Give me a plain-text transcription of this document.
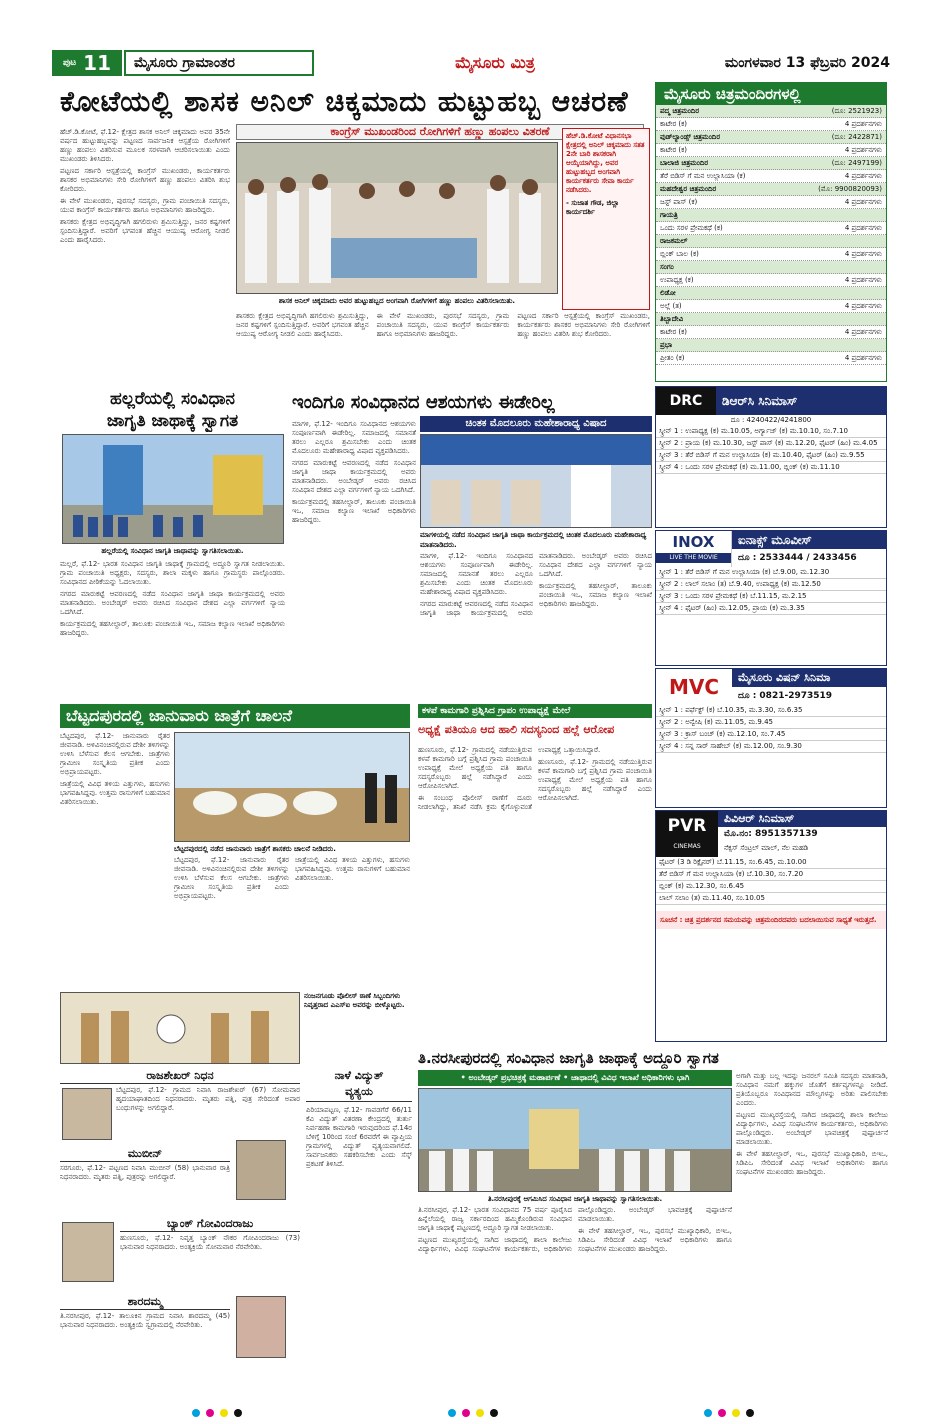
$^{ಪುಟ}$ 11	ಮೈಸೂರು ಗ್ರಾಮಾಂತರ	ಮೈಸೂರು ಮಿತ್ರ	ಮಂಗಳವಾರ 13 ಫೆಬ್ರವರಿ 2024
ಕೋಟೆಯಲ್ಲಿ ಶಾಸಕ ಅನಿಲ್ ಚಿಕ್ಕಮಾದು ಹುಟ್ಟುಹಬ್ಬ ಆಚರಣೆ
ಕಾಂಗ್ರೆಸ್ ಮುಖಂಡರಿಂದ ರೋಗಿಗಳಿಗೆ ಹಣ್ಣು ಹಂಪಲು ವಿತರಣೆ

ಹೆಚ್.ಡಿ.ಕೋಟೆ, ಫೆ.12- ಕ್ಷೇತ್ರದ ಶಾಸಕ ಅನಿಲ್ ಚಿಕ್ಕಮಾದು ಅವರ 35ನೇ ವರ್ಷದ ಹುಟ್ಟುಹಬ್ಬವನ್ನು ಪಟ್ಟಣದ ಸಾರ್ವಜನಿಕ ಆಸ್ಪತ್ರೆಯ ರೋಗಿಗಳಿಗೆ ಹಣ್ಣು ಹಂಪಲು ವಿತರಿಸುವ ಮೂಲಕ ಸರಳವಾಗಿ ಆಚರಿಸಲಾಯಿತು ಎಂದು ಮುಖಂಡರು ತಿಳಿಸಿದರು.

ಪಟ್ಟಣದ ಸರ್ಕಾರಿ ಆಸ್ಪತ್ರೆಯಲ್ಲಿ ಕಾಂಗ್ರೆಸ್ ಮುಖಂಡರು, ಕಾರ್ಯಕರ್ತರು ಶಾಸಕರ ಅಭಿಮಾನಿಗಳು ಸೇರಿ ರೋಗಿಗಳಿಗೆ ಹಣ್ಣು ಹಂಪಲು ವಿತರಿಸಿ ಶುಭ ಕೋರಿದರು.

ಈ ವೇಳೆ ಮುಖಂಡರು, ಪುರಸಭೆ ಸದಸ್ಯರು, ಗ್ರಾಮ ಪಂಚಾಯಿತಿ ಸದಸ್ಯರು, ಯುವ ಕಾಂಗ್ರೆಸ್ ಕಾರ್ಯಕರ್ತರು ಹಾಗೂ ಅಭಿಮಾನಿಗಳು ಹಾಜರಿದ್ದರು.

ಶಾಸಕರು ಕ್ಷೇತ್ರದ ಅಭಿವೃದ್ಧಿಗಾಗಿ ಹಗಲಿರುಳು ಶ್ರಮಿಸುತ್ತಿದ್ದು, ಜನರ ಕಷ್ಟಗಳಿಗೆ ಸ್ಪಂದಿಸುತ್ತಿದ್ದಾರೆ. ಅವರಿಗೆ ಭಗವಂತ ಹೆಚ್ಚಿನ ಆಯುಷ್ಯ ಆರೋಗ್ಯ ನೀಡಲಿ ಎಂದು ಹಾರೈಸಿದರು.

ಶಾಸಕ ಅನಿಲ್ ಚಿಕ್ಕಮಾದು ಅವರ ಹುಟ್ಟುಹಬ್ಬದ ಅಂಗವಾಗಿ ರೋಗಿಗಳಿಗೆ ಹಣ್ಣು ಹಂಪಲು ವಿತರಿಸಲಾಯಿತು.

ಹೆಚ್.ಡಿ.ಕೋಟೆ ವಿಧಾನಸಭಾ ಕ್ಷೇತ್ರದಲ್ಲಿ ಅನಿಲ್ ಚಿಕ್ಕಮಾದು ಸತತ 2ನೇ ಬಾರಿ ಶಾಸಕರಾಗಿ ಆಯ್ಕೆಯಾಗಿದ್ದು, ಅವರ ಹುಟ್ಟುಹಬ್ಬದ ಅಂಗವಾಗಿ ಕಾರ್ಯಕರ್ತರು ಸೇವಾ ಕಾರ್ಯ ನಡೆಸಿದರು.

- ಸುಜಾತ ಗೌಡ, ಜಿಲ್ಲಾ ಕಾರ್ಯದರ್ಶಿ

ಶಾಸಕರು ಕ್ಷೇತ್ರದ ಅಭಿವೃದ್ಧಿಗಾಗಿ ಹಗಲಿರುಳು ಶ್ರಮಿಸುತ್ತಿದ್ದು, ಜನರ ಕಷ್ಟಗಳಿಗೆ ಸ್ಪಂದಿಸುತ್ತಿದ್ದಾರೆ. ಅವರಿಗೆ ಭಗವಂತ ಹೆಚ್ಚಿನ ಆಯುಷ್ಯ ಆರೋಗ್ಯ ನೀಡಲಿ ಎಂದು ಹಾರೈಸಿದರು.

ಈ ವೇಳೆ ಮುಖಂಡರು, ಪುರಸಭೆ ಸದಸ್ಯರು, ಗ್ರಾಮ ಪಂಚಾಯಿತಿ ಸದಸ್ಯರು, ಯುವ ಕಾಂಗ್ರೆಸ್ ಕಾರ್ಯಕರ್ತರು ಹಾಗೂ ಅಭಿಮಾನಿಗಳು ಹಾಜರಿದ್ದರು.

ಪಟ್ಟಣದ ಸರ್ಕಾರಿ ಆಸ್ಪತ್ರೆಯಲ್ಲಿ ಕಾಂಗ್ರೆಸ್ ಮುಖಂಡರು, ಕಾರ್ಯಕರ್ತರು ಶಾಸಕರ ಅಭಿಮಾನಿಗಳು ಸೇರಿ ರೋಗಿಗಳಿಗೆ ಹಣ್ಣು ಹಂಪಲು ವಿತರಿಸಿ ಶುಭ ಕೋರಿದರು.

ಮೈಸೂರು ಚಿತ್ರಮಂದಿರಗಳಲ್ಲಿ
ಪದ್ಮ ಚಿತ್ರಮಂದಿರ	(ದೂ: 2521923)
ಕಾಟೇರ (ಕ)	4 ಪ್ರದರ್ಶನಗಳು
ವುಡ್‌ಲ್ಯಾಂಡ್ಸ್ ಚಿತ್ರಮಂದಿರ	(ದೂ: 2422871)
ಕಾಟೇರ (ಕ)	4 ಪ್ರದರ್ಶನಗಳು
ಬಾಲಾಜಿ ಚಿತ್ರಮಂದಿರ	(ದೂ: 2497199)
ತೆರೆ ಬಿಡಿಸ್ ಗೆ ಮನ ಉಲ್ಲಾಸಿಯಾ (ಕ)	4 ಪ್ರದರ್ಶನಗಳು
ಮಹದೇಶ್ವರ ಚಿತ್ರಮಂದಿರ	(ಮೊ: 9900820093)
ಜಸ್ಟ್ ಪಾಸ್ (ಕ)	4 ಪ್ರದರ್ಶನಗಳು
ಗಾಯತ್ರಿ
ಒಂದು ಸರಳ ಪ್ರೇಮಕಥೆ (ಕ)	4 ಪ್ರದರ್ಶನಗಳು
ರಾಜಕಮಲ್
ಬ್ಲಿಂಕ್ ಬಾಲ (ಕ)	4 ಪ್ರದರ್ಶನಗಳು
ಸಂಗಂ
ಉಪಾಧ್ಯಕ್ಷ (ಕ)	4 ಪ್ರದರ್ಶನಗಳು
ಲಿಡೋ
ಅಲ್ಲೆ (ತ)	4 ಪ್ರದರ್ಶನಗಳು
ತಿಬ್ಬಾದೇವಿ
ಕಾಟೇರ (ಕ)	4 ಪ್ರದರ್ಶನಗಳು
ಪ್ರಭಾ
ಪ್ರೀತಂ (ಕ)	4 ಪ್ರದರ್ಶನಗಳು
ಹಲ್ಲರೆಯಲ್ಲಿ ಸಂವಿಧಾನ
ಜಾಗೃತಿ ಜಾಥಾಕ್ಕೆ ಸ್ವಾಗತ
ಹಲ್ಲರೆಯಲ್ಲಿ ಸಂವಿಧಾನ ಜಾಗೃತಿ ಜಾಥಾವನ್ನು ಸ್ವಾಗತಿಸಲಾಯಿತು.

ಮಲ್ಲರೆ, ಫೆ.12- ಭಾರತ ಸಂವಿಧಾನ ಜಾಗೃತಿ ಜಾಥಾಕ್ಕೆ ಗ್ರಾಮದಲ್ಲಿ ಅದ್ಧೂರಿ ಸ್ವಾಗತ ನೀಡಲಾಯಿತು. ಗ್ರಾಮ ಪಂಚಾಯಿತಿ ಅಧ್ಯಕ್ಷರು, ಸದಸ್ಯರು, ಶಾಲಾ ಮಕ್ಕಳು ಹಾಗೂ ಗ್ರಾಮಸ್ಥರು ಪಾಲ್ಗೊಂಡರು. ಸಂವಿಧಾನದ ಪೀಠಿಕೆಯನ್ನು ಓದಲಾಯಿತು.

ನಗರದ ಮಾರುಕಟ್ಟೆ ಆವರಣದಲ್ಲಿ ನಡೆದ ಸಂವಿಧಾನ ಜಾಗೃತಿ ಜಾಥಾ ಕಾರ್ಯಕ್ರಮದಲ್ಲಿ ಅವರು ಮಾತನಾಡಿದರು. ಅಂಬೇಡ್ಕರ್ ಅವರು ರಚಿಸಿದ ಸಂವಿಧಾನ ದೇಶದ ಎಲ್ಲಾ ವರ್ಗಗಳಿಗೆ ನ್ಯಾಯ ಒದಗಿಸಿದೆ.

ಕಾರ್ಯಕ್ರಮದಲ್ಲಿ ತಹಸೀಲ್ದಾರ್, ತಾಲೂಕು ಪಂಚಾಯಿತಿ ಇಒ, ಸಮಾಜ ಕಲ್ಯಾಣ ಇಲಾಖೆ ಅಧಿಕಾರಿಗಳು ಹಾಜರಿದ್ದರು.

ಇಂದಿಗೂ ಸಂವಿಧಾನದ ಆಶಯಗಳು ಈಡೇರಿಲ್ಲ
ಚಿಂತಕ ಮೊದಲೂರು ಮಹೇಶಾರಾಧ್ಯ ವಿಷಾದ

ಮಾಗಳಿ, ಫೆ.12- ಇಂದಿಗೂ ಸಂವಿಧಾನದ ಆಶಯಗಳು ಸಂಪೂರ್ಣವಾಗಿ ಈಡೇರಿಲ್ಲ. ಸಮಾಜದಲ್ಲಿ ಸಮಾನತೆ ತರಲು ಎಲ್ಲರೂ ಶ್ರಮಿಸಬೇಕು ಎಂದು ಚಿಂತಕ ಮೊದಲೂರು ಮಹೇಶಾರಾಧ್ಯ ವಿಷಾದ ವ್ಯಕ್ತಪಡಿಸಿದರು.

ನಗರದ ಮಾರುಕಟ್ಟೆ ಆವರಣದಲ್ಲಿ ನಡೆದ ಸಂವಿಧಾನ ಜಾಗೃತಿ ಜಾಥಾ ಕಾರ್ಯಕ್ರಮದಲ್ಲಿ ಅವರು ಮಾತನಾಡಿದರು. ಅಂಬೇಡ್ಕರ್ ಅವರು ರಚಿಸಿದ ಸಂವಿಧಾನ ದೇಶದ ಎಲ್ಲಾ ವರ್ಗಗಳಿಗೆ ನ್ಯಾಯ ಒದಗಿಸಿದೆ.

ಕಾರ್ಯಕ್ರಮದಲ್ಲಿ ತಹಸೀಲ್ದಾರ್, ತಾಲೂಕು ಪಂಚಾಯಿತಿ ಇಒ, ಸಮಾಜ ಕಲ್ಯಾಣ ಇಲಾಖೆ ಅಧಿಕಾರಿಗಳು ಹಾಜರಿದ್ದರು.

ಮಾಗಳಿಯಲ್ಲಿ ನಡೆದ ಸಂವಿಧಾನ ಜಾಗೃತಿ ಜಾಥಾ ಕಾರ್ಯಕ್ರಮದಲ್ಲಿ ಚಿಂತಕ ಮೊದಲೂರು ಮಹೇಶಾರಾಧ್ಯ ಮಾತನಾಡಿದರು.

ಮಾಗಳಿ, ಫೆ.12- ಇಂದಿಗೂ ಸಂವಿಧಾನದ ಆಶಯಗಳು ಸಂಪೂರ್ಣವಾಗಿ ಈಡೇರಿಲ್ಲ. ಸಮಾಜದಲ್ಲಿ ಸಮಾನತೆ ತರಲು ಎಲ್ಲರೂ ಶ್ರಮಿಸಬೇಕು ಎಂದು ಚಿಂತಕ ಮೊದಲೂರು ಮಹೇಶಾರಾಧ್ಯ ವಿಷಾದ ವ್ಯಕ್ತಪಡಿಸಿದರು.

ನಗರದ ಮಾರುಕಟ್ಟೆ ಆವರಣದಲ್ಲಿ ನಡೆದ ಸಂವಿಧಾನ ಜಾಗೃತಿ ಜಾಥಾ ಕಾರ್ಯಕ್ರಮದಲ್ಲಿ ಅವರು ಮಾತನಾಡಿದರು. ಅಂಬೇಡ್ಕರ್ ಅವರು ರಚಿಸಿದ ಸಂವಿಧಾನ ದೇಶದ ಎಲ್ಲಾ ವರ್ಗಗಳಿಗೆ ನ್ಯಾಯ ಒದಗಿಸಿದೆ.

ಕಾರ್ಯಕ್ರಮದಲ್ಲಿ ತಹಸೀಲ್ದಾರ್, ತಾಲೂಕು ಪಂಚಾಯಿತಿ ಇಒ, ಸಮಾಜ ಕಲ್ಯಾಣ ಇಲಾಖೆ ಅಧಿಕಾರಿಗಳು ಹಾಜರಿದ್ದರು.

DRC	ಡಿಆರ್‌ಸಿ ಸಿನಿಮಾಸ್
ದೂ : 4240422/4241800
ಸ್ಕ್ರೀನ್ 1 : ಉಪಾಧ್ಯಕ್ಷ (ಕ) ಮ.10.05, ಅರ್ಗ್ಯಾಜ್ (ಕ) ಮ.10.10, ಸಂ.7.10
ಸ್ಕ್ರೀನ್ 2 : ಪ್ರಾಯ (ಕ) ಮ.10.30, ಜಸ್ಟ್ ಪಾಸ್ (ಕ) ಮ.12.20, ಫೈಟರ್ (ಹಿಂ) ಮ.4.05
ಸ್ಕ್ರೀನ್ 3 : ತೆರೆ ಬಿಡಿಸ್ ಗೆ ಮನ ಉಲ್ಲಾಸಿಯಾ (ಕ) ಮ.10.40, ಫೈಟರ್ (ಹಿಂ) ಮ.9.55
ಸ್ಕ್ರೀನ್ 4 : ಒಂದು ಸರಳ ಪ್ರೇಮಕಥೆ (ಕ) ಮ.11.00, ಬ್ಲಿಂಕ್ (ಕ) ಮ.11.10
INOX
LIVE THE MOVIE
ಐನಾಕ್ಸ್ ಮೂವೀಸ್
ದೂ : 2533444 / 2433456
ಸ್ಕ್ರೀನ್ 1 : ತೆರೆ ಬಿಡಿಸ್ ಗೆ ಮನ ಉಲ್ಲಾಸಿಯಾ (ಕ) ಬೆ.9.00, ಮ.12.30
ಸ್ಕ್ರೀನ್ 2 : ಲಾಲ್ ಸಲಾಂ (ತ) ಬೆ.9.40, ಉಪಾಧ್ಯಕ್ಷ (ಕ) ಮ.12.50
ಸ್ಕ್ರೀನ್ 3 : ಒಂದು ಸರಳ ಪ್ರೇಮಕಥೆ (ಕ) ಬೆ.11.15, ಮ.2.15
ಸ್ಕ್ರೀನ್ 4 : ಫೈಟರ್ (ಹಿಂ) ಮ.12.05, ಪ್ರಾಯ (ಕ) ಮ.3.35
MVC	ಮೈಸೂರು ವಿಷನ್ ಸಿನಿಮಾ
ದೂ : 0821-2973519
ಸ್ಕ್ರೀನ್ 1 : ಪರ್ಫೆಕ್ಟ್ (ಕ) ಬೆ.10.35, ಮ.3.30, ಸಂ.6.35
ಸ್ಕ್ರೀನ್ 2 : ಅನ್ವೇಷಿ (ಕ) ಮ.11.05, ಮ.9.45
ಸ್ಕ್ರೀನ್ 3 : ಕ್ರಾಸ್ ಬಂಚ್ (ಕ) ಮ.12.10, ಸಂ.7.45
ಸ್ಕ್ರೀನ್ 4 : ಸನ್ನ ಸಾರ್ ಸಾಹೇಬ್ (ಕ) ಮ.12.00, ಸಂ.9.30
PVR
CINEMAS
ಪಿವಿಆರ್ ಸಿನಿಮಾಸ್
ಮೊ.ನಂ: 8951357139
ನೆಕ್ಸಸ್ ಸೆಂಟ್ರಲ್ ಮಾಲ್, ನೆಲ ಮಹಡಿ
ಫೈಟರ್ (3 ಡಿ ರಿಕ್ಲೈನರ್) ಬೆ.11.15, ಸಂ.6.45, ಮ.10.00
ತೆರೆ ಬಿಡಿಸ್ ಗೆ ಮನ ಉಲ್ಲಾಸಿಯಾ (ಕ) ಬೆ.10.30, ಸಂ.7.20
ಬ್ಲಿಂಕ್ (ಕ) ಮ.12.30, ಸಂ.6.45
ಲಾಲ್ ಸಲಾಂ (ತ) ಮ.11.40, ಸಂ.10.05
ಸೂಚನೆ : ಚಿತ್ರ ಪ್ರದರ್ಶನದ ಸಮಯವನ್ನು ಚಿತ್ರಮಂದಿರದವರು ಬದಲಾಯಿಸುವ ಸಾಧ್ಯತೆ ಇರುತ್ತದೆ.
ಬೆಟ್ಟದಪುರದಲ್ಲಿ ಜಾನುವಾರು ಜಾತ್ರೆಗೆ ಚಾಲನೆ

ಬೆಟ್ಟದಪುರ, ಫೆ.12- ಜಾನುವಾರು ರೈತರ ಜೀವನಾಡಿ. ಅಳಿವಿನಂಚಿನಲ್ಲಿರುವ ದೇಶೀ ತಳಿಗಳನ್ನು ಉಳಿಸಿ ಬೆಳೆಸುವ ಕೆಲಸ ಆಗಬೇಕು. ಜಾತ್ರೆಗಳು ಗ್ರಾಮೀಣ ಸಂಸ್ಕೃತಿಯ ಪ್ರತೀಕ ಎಂದು ಅಭಿಪ್ರಾಯಪಟ್ಟರು.

ಜಾತ್ರೆಯಲ್ಲಿ ವಿವಿಧ ತಳಿಯ ಎತ್ತುಗಳು, ಹಸುಗಳು ಭಾಗವಹಿಸಿದ್ದವು. ಉತ್ತಮ ರಾಸುಗಳಿಗೆ ಬಹುಮಾನ ವಿತರಿಸಲಾಯಿತು.

ಬೆಟ್ಟದಪುರದಲ್ಲಿ ನಡೆದ ಜಾನುವಾರು ಜಾತ್ರೆಗೆ ಶಾಸಕರು ಚಾಲನೆ ನೀಡಿದರು.

ಬೆಟ್ಟದಪುರ, ಫೆ.12- ಜಾನುವಾರು ರೈತರ ಜೀವನಾಡಿ. ಅಳಿವಿನಂಚಿನಲ್ಲಿರುವ ದೇಶೀ ತಳಿಗಳನ್ನು ಉಳಿಸಿ ಬೆಳೆಸುವ ಕೆಲಸ ಆಗಬೇಕು. ಜಾತ್ರೆಗಳು ಗ್ರಾಮೀಣ ಸಂಸ್ಕೃತಿಯ ಪ್ರತೀಕ ಎಂದು ಅಭಿಪ್ರಾಯಪಟ್ಟರು.

ಜಾತ್ರೆಯಲ್ಲಿ ವಿವಿಧ ತಳಿಯ ಎತ್ತುಗಳು, ಹಸುಗಳು ಭಾಗವಹಿಸಿದ್ದವು. ಉತ್ತಮ ರಾಸುಗಳಿಗೆ ಬಹುಮಾನ ವಿತರಿಸಲಾಯಿತು.

ಕಳಪೆ ಕಾಮಗಾರಿ ಪ್ರಶ್ನಿಸಿದ ಗ್ರಾಪಂ ಉಪಾಧ್ಯಕ್ಷೆ ಮೇಲೆ
ಅಧ್ಯಕ್ಷೆ ಪತಿಯೂ ಆದ ಹಾಲಿ ಸದಸ್ಯನಿಂದ ಹಲ್ಲೆ ಆರೋಪ

ಹುಣಸೂರು, ಫೆ.12- ಗ್ರಾಮದಲ್ಲಿ ನಡೆಯುತ್ತಿರುವ ಕಳಪೆ ಕಾಮಗಾರಿ ಬಗ್ಗೆ ಪ್ರಶ್ನಿಸಿದ ಗ್ರಾಮ ಪಂಚಾಯಿತಿ ಉಪಾಧ್ಯಕ್ಷೆ ಮೇಲೆ ಅಧ್ಯಕ್ಷೆಯ ಪತಿ ಹಾಗೂ ಸದಸ್ಯರೊಬ್ಬರು ಹಲ್ಲೆ ನಡೆಸಿದ್ದಾರೆ ಎಂದು ಆರೋಪಿಸಲಾಗಿದೆ.

ಈ ಸಂಬಂಧ ಪೊಲೀಸ್ ಠಾಣೆಗೆ ದೂರು ನೀಡಲಾಗಿದ್ದು, ತನಿಖೆ ನಡೆಸಿ ಕ್ರಮ ಕೈಗೊಳ್ಳುವಂತೆ ಉಪಾಧ್ಯಕ್ಷೆ ಒತ್ತಾಯಿಸಿದ್ದಾರೆ.

ಹುಣಸೂರು, ಫೆ.12- ಗ್ರಾಮದಲ್ಲಿ ನಡೆಯುತ್ತಿರುವ ಕಳಪೆ ಕಾಮಗಾರಿ ಬಗ್ಗೆ ಪ್ರಶ್ನಿಸಿದ ಗ್ರಾಮ ಪಂಚಾಯಿತಿ ಉಪಾಧ್ಯಕ್ಷೆ ಮೇಲೆ ಅಧ್ಯಕ್ಷೆಯ ಪತಿ ಹಾಗೂ ಸದಸ್ಯರೊಬ್ಬರು ಹಲ್ಲೆ ನಡೆಸಿದ್ದಾರೆ ಎಂದು ಆರೋಪಿಸಲಾಗಿದೆ.

ನಂಜನಗೂಡು ಪೊಲೀಸ್ ಠಾಣೆ ಸಿಬ್ಬಂದಿಗಳು ನಿವೃತ್ತರಾದ ಎಎಸ್‌ಐ ಅವರನ್ನು ಬೀಳ್ಕೊಟ್ಟರು.
ರಾಜಶೇಖರ್ ನಿಧನ

ಬೆಟ್ಟದಪುರ, ಫೆ.12- ಗ್ರಾಮದ ನಿವಾಸಿ ರಾಜಶೇಖರ್ (67) ಸೋಮವಾರ ಹೃದಯಾಘಾತದಿಂದ ನಿಧನರಾದರು. ಮೃತರು ಪತ್ನಿ, ಪುತ್ರ ಸೇರಿದಂತೆ ಅಪಾರ ಬಂಧುಗಳನ್ನು ಅಗಲಿದ್ದಾರೆ.

ಮುಬೀನ್

ಸರಗೂರು, ಫೆ.12- ಪಟ್ಟಣದ ನಿವಾಸಿ ಮುಬೀನ್ (58) ಭಾನುವಾರ ರಾತ್ರಿ ನಿಧನರಾದರು. ಮೃತರು ಪತ್ನಿ, ಪುತ್ರರನ್ನು ಅಗಲಿದ್ದಾರೆ.

ಬ್ಯಾಂಕ್ ಗೋವಿಂದರಾಜು

ಹುಣಸೂರು, ಫೆ.12- ನಿವೃತ್ತ ಬ್ಯಾಂಕ್ ನೌಕರ ಗೋವಿಂದರಾಜು (73) ಭಾನುವಾರ ನಿಧನರಾದರು. ಅಂತ್ಯಕ್ರಿಯೆ ಸೋಮವಾರ ನೆರವೇರಿತು.

ಶಾರದಮ್ಮ

ತಿ.ನರಸೀಪುರ, ಫೆ.12- ತಾಲೂಕಿನ ಗ್ರಾಮದ ನಿವಾಸಿ ಶಾರದಮ್ಮ (45) ಭಾನುವಾರ ನಿಧನರಾದರು. ಅಂತ್ಯಕ್ರಿಯೆ ಸ್ವಗ್ರಾಮದಲ್ಲಿ ನೆರವೇರಿತು.

ನಾಳೆ ವಿದ್ಯುತ್
ವ್ಯತ್ಯಯ

ಪಿರಿಯಾಪಟ್ಟಣ, ಫೆ.12- ಗಾವಡಗೆರೆ 66/11 ಕೆವಿ ವಿದ್ಯುತ್ ವಿತರಣಾ ಕೇಂದ್ರದಲ್ಲಿ ತುರ್ತು ನಿರ್ವಹಣಾ ಕಾಮಗಾರಿ ಇರುವುದರಿಂದ ಫೆ.14ರ ಬೆಳಿಗ್ಗೆ 10ರಿಂದ ಸಂಜೆ 6ರವರೆಗೆ ಈ ವ್ಯಾಪ್ತಿಯ ಗ್ರಾಮಗಳಲ್ಲಿ ವಿದ್ಯುತ್ ವ್ಯತ್ಯಯವಾಗಲಿದೆ. ಸಾರ್ವಜನಿಕರು ಸಹಕರಿಸಬೇಕು ಎಂದು ಸೆಸ್ಕ್ ಪ್ರಕಟಣೆ ತಿಳಿಸಿದೆ.

ತಿ.ನರಸೀಪುರದಲ್ಲಿ ಸಂವಿಧಾನ ಜಾಗೃತಿ ಜಾಥಾಕ್ಕೆ ಅದ್ದೂರಿ ಸ್ವಾಗತ
• ಅಂಬೇಡ್ಕರ್ ಪ್ರಭಚಿತ್ರಕ್ಕೆ ಮಹಾರ್ಪಣೆ • ಜಾಥಾದಲ್ಲಿ ವಿವಿಧ ಇಲಾಖೆ ಅಧಿಕಾರಿಗಳು ಭಾಗಿ
ತಿ.ನರಸೀಪುರಕ್ಕೆ ಆಗಮಿಸಿದ ಸಂವಿಧಾನ ಜಾಗೃತಿ ಜಾಥಾವನ್ನು ಸ್ವಾಗತಿಸಲಾಯಿತು.

ತಿ.ನರಸೀಪುರ, ಫೆ.12- ಭಾರತ ಸಂವಿಧಾನದ 75 ವರ್ಷ ಪೂರೈಸಿದ ಹಿನ್ನೆಲೆಯಲ್ಲಿ ರಾಜ್ಯ ಸರ್ಕಾರದಿಂದ ಹಮ್ಮಿಕೊಂಡಿರುವ ಸಂವಿಧಾನ ಜಾಗೃತಿ ಜಾಥಾಕ್ಕೆ ಪಟ್ಟಣದಲ್ಲಿ ಅದ್ದೂರಿ ಸ್ವಾಗತ ನೀಡಲಾಯಿತು.

ಪಟ್ಟಣದ ಮುಖ್ಯರಸ್ತೆಯಲ್ಲಿ ಸಾಗಿದ ಜಾಥಾದಲ್ಲಿ ಶಾಲಾ ಕಾಲೇಜು ವಿದ್ಯಾರ್ಥಿಗಳು, ವಿವಿಧ ಸಂಘಟನೆಗಳ ಕಾರ್ಯಕರ್ತರು, ಅಧಿಕಾರಿಗಳು ಪಾಲ್ಗೊಂಡಿದ್ದರು. ಅಂಬೇಡ್ಕರ್ ಭಾವಚಿತ್ರಕ್ಕೆ ಪುಷ್ಪಾರ್ಚನೆ ಮಾಡಲಾಯಿತು.

ಈ ವೇಳೆ ತಹಸೀಲ್ದಾರ್, ಇಒ, ಪುರಸಭೆ ಮುಖ್ಯಾಧಿಕಾರಿ, ಬಿಇಒ, ಸಿಡಿಪಿಒ ಸೇರಿದಂತೆ ವಿವಿಧ ಇಲಾಖೆ ಅಧಿಕಾರಿಗಳು ಹಾಗೂ ಸಂಘಟನೆಗಳ ಮುಖಂಡರು ಹಾಜರಿದ್ದರು.

ಅಗಾಗಿ ಮತ್ತು ಬಲ್ಲ ಇದನ್ನು ಜನರಲ್ ಸಮಿತಿ ಸದಸ್ಯರು ಮಾತನಾಡಿ, ಸಂವಿಧಾನ ನಮಗೆ ಹಕ್ಕುಗಳ ಜೊತೆಗೆ ಕರ್ತವ್ಯಗಳನ್ನೂ ನೀಡಿದೆ. ಪ್ರತಿಯೊಬ್ಬರೂ ಸಂವಿಧಾನದ ಮೌಲ್ಯಗಳನ್ನು ಅರಿತು ಪಾಲಿಸಬೇಕು ಎಂದರು.

ಪಟ್ಟಣದ ಮುಖ್ಯರಸ್ತೆಯಲ್ಲಿ ಸಾಗಿದ ಜಾಥಾದಲ್ಲಿ ಶಾಲಾ ಕಾಲೇಜು ವಿದ್ಯಾರ್ಥಿಗಳು, ವಿವಿಧ ಸಂಘಟನೆಗಳ ಕಾರ್ಯಕರ್ತರು, ಅಧಿಕಾರಿಗಳು ಪಾಲ್ಗೊಂಡಿದ್ದರು. ಅಂಬೇಡ್ಕರ್ ಭಾವಚಿತ್ರಕ್ಕೆ ಪುಷ್ಪಾರ್ಚನೆ ಮಾಡಲಾಯಿತು.

ಈ ವೇಳೆ ತಹಸೀಲ್ದಾರ್, ಇಒ, ಪುರಸಭೆ ಮುಖ್ಯಾಧಿಕಾರಿ, ಬಿಇಒ, ಸಿಡಿಪಿಒ ಸೇರಿದಂತೆ ವಿವಿಧ ಇಲಾಖೆ ಅಧಿಕಾರಿಗಳು ಹಾಗೂ ಸಂಘಟನೆಗಳ ಮುಖಂಡರು ಹಾಜರಿದ್ದರು.
